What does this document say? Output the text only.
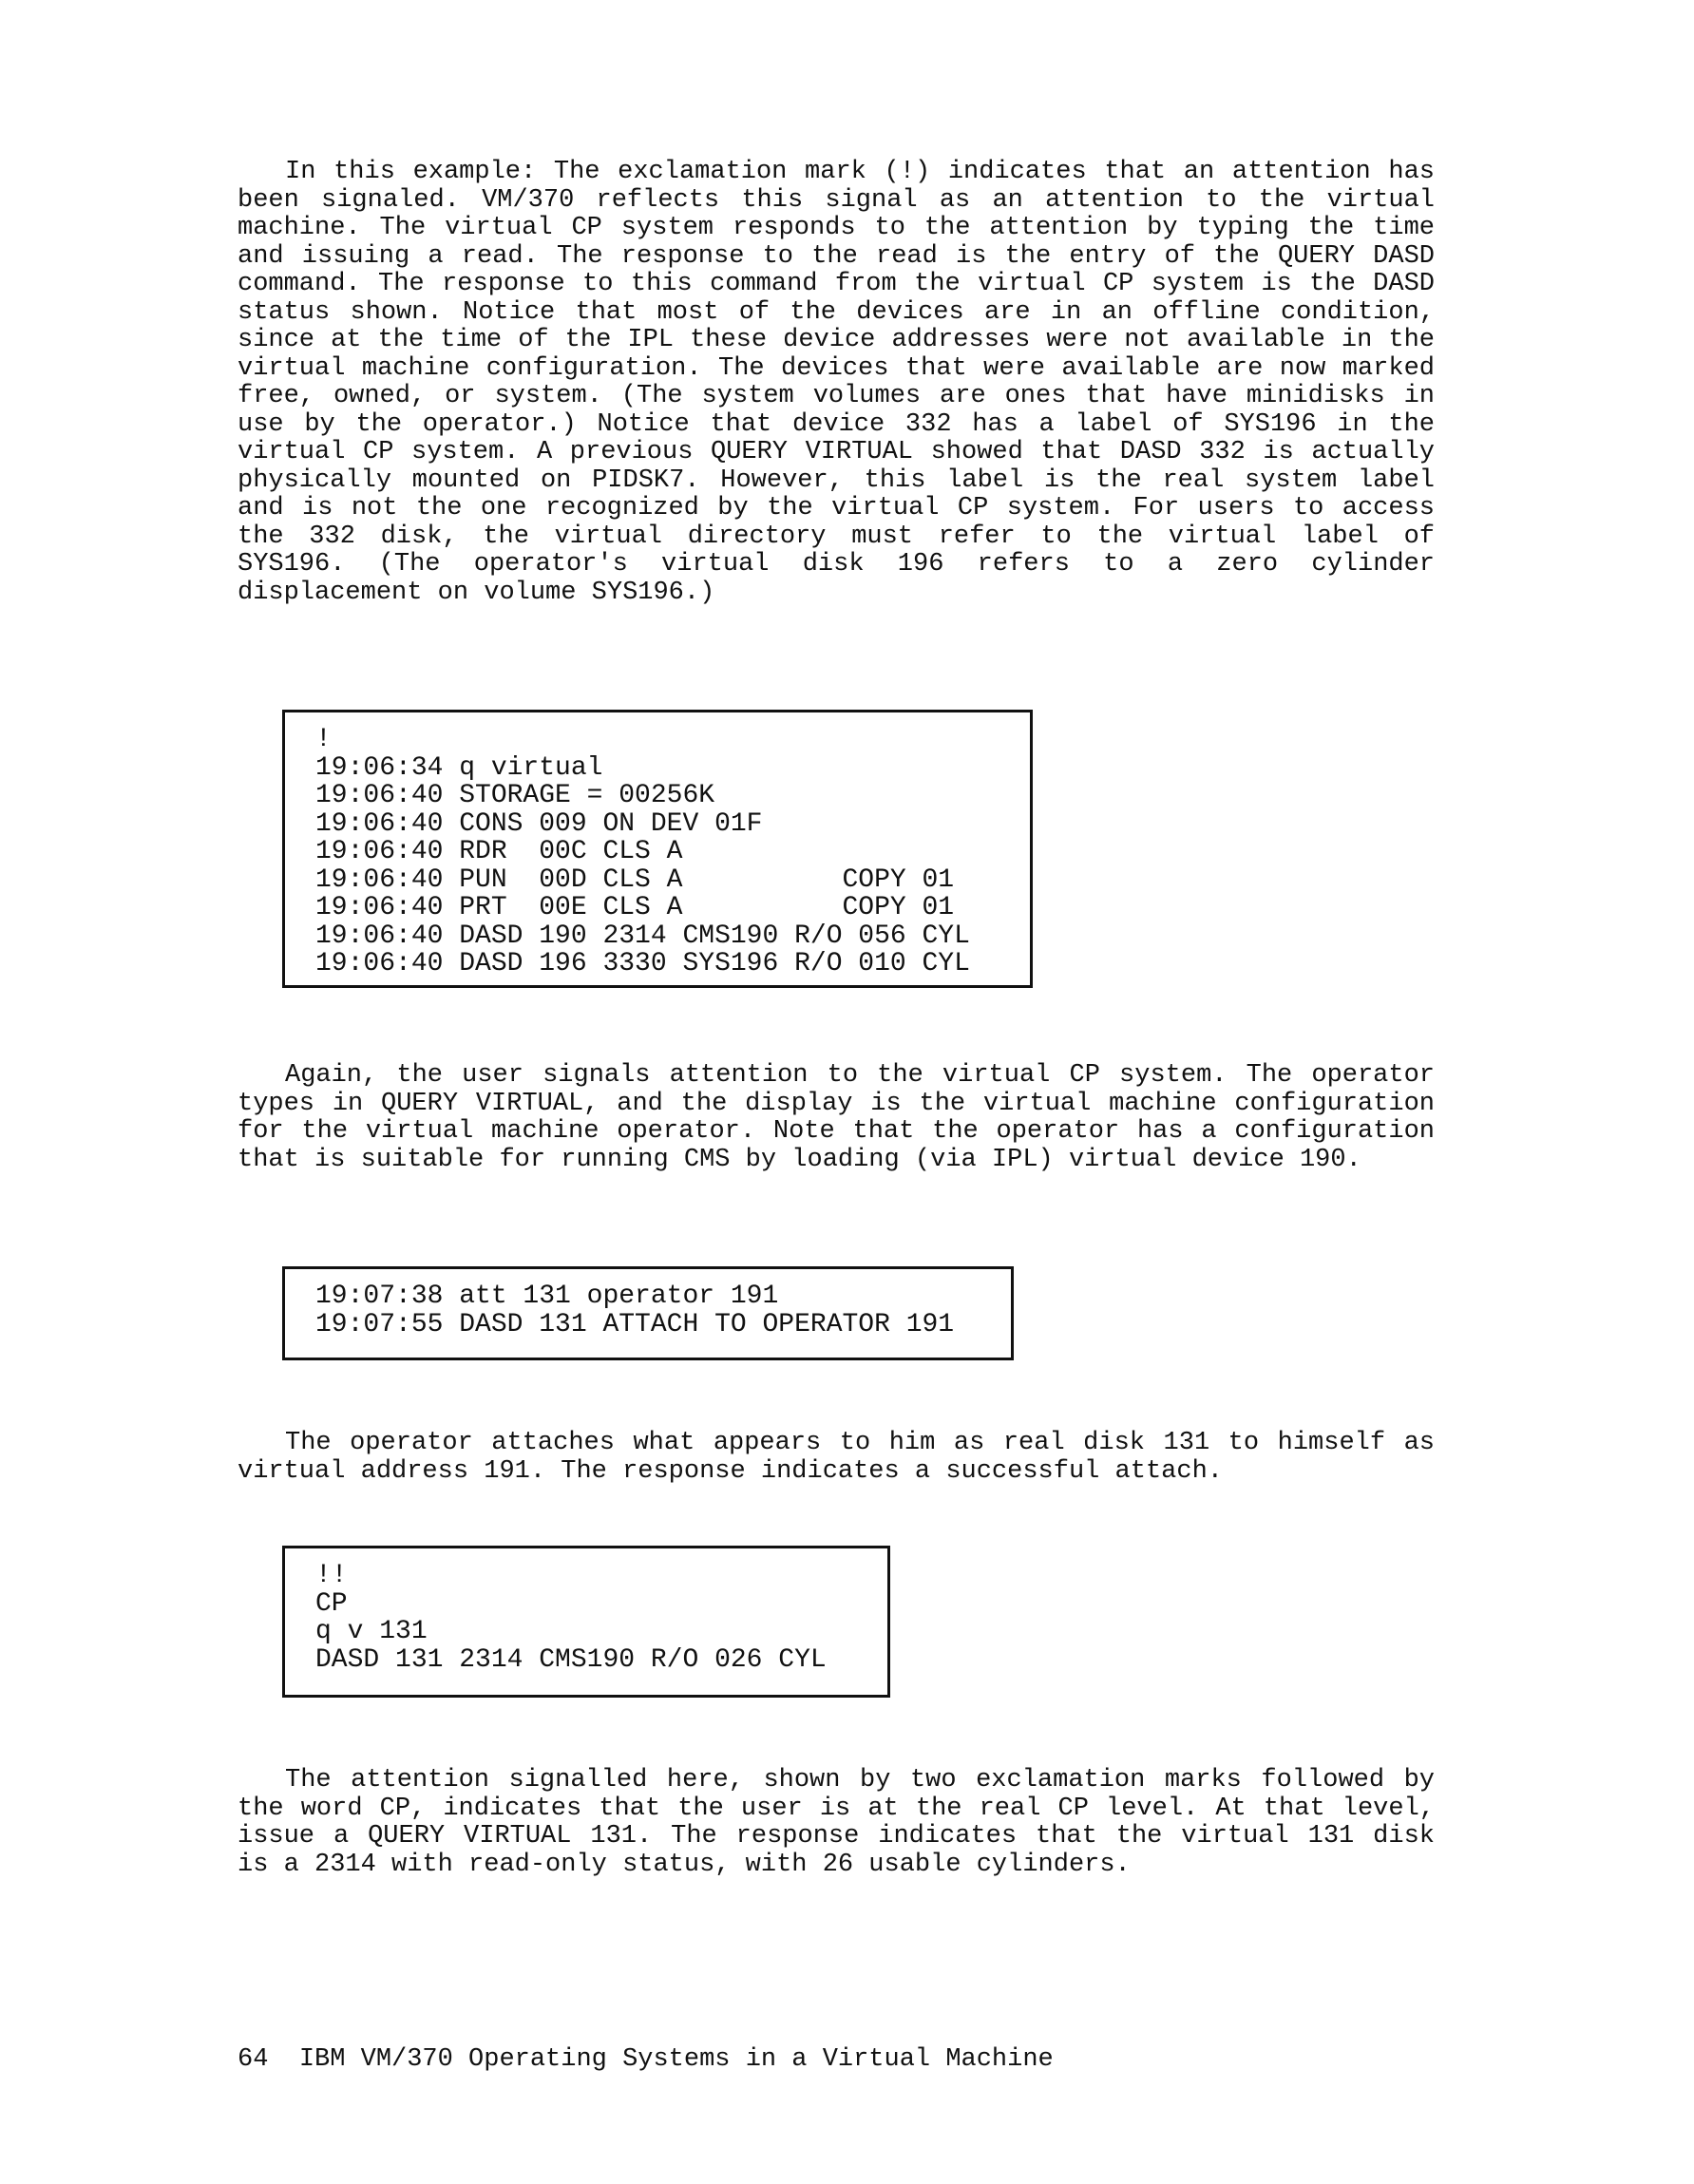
In this example: The exclamation mark (!) indicates that an attention has been signaled. VM/370 reflects this signal as an attention to the virtual machine. The virtual CP system responds to the attention by typing the time and issuing a read. The response to the read is the entry of the QUERY DASD command. The response to this command from the virtual CP system is the DASD status shown. Notice that most of the devices are in an offline condition, since at the time of the IPL these device addresses were not available in the virtual machine configuration. The devices that were available are now marked free, owned, or system. (The system volumes are ones that have minidisks in use by the operator.) Notice that device 332 has a label of SYS196 in the virtual CP system. A previous QUERY VIRTUAL showed that DASD 332 is actually physically mounted on PIDSK7. However, this label is the real system label and is not the one recognized by the virtual CP system. For users to access the 332 disk, the virtual directory must refer to the virtual label of SYS196. (The operator's virtual disk 196 refers to a zero cylinder displacement on volume SYS196.)

!
19:06:34 q virtual
19:06:40 STORAGE = 00256K
19:06:40 CONS 009 ON DEV 01F
19:06:40 RDR  00C CLS A
19:06:40 PUN  00D CLS A          COPY 01
19:06:40 PRT  00E CLS A          COPY 01
19:06:40 DASD 190 2314 CMS190 R/O 056 CYL
19:06:40 DASD 196 3330 SYS196 R/O 010 CYL

Again, the user signals attention to the virtual CP system. The operator types in QUERY VIRTUAL, and the display is the virtual machine configuration for the virtual machine operator. Note that the operator has a configuration that is suitable for running CMS by loading (via IPL) virtual device 190.

19:07:38 att 131 operator 191
19:07:55 DASD 131 ATTACH TO OPERATOR 191

The operator attaches what appears to him as real disk 131 to himself as virtual address 191. The response indicates a successful attach.

!!
CP
q v 131
DASD 131 2314 CMS190 R/O 026 CYL

The attention signalled here, shown by two exclamation marks followed by the word CP, indicates that the user is at the real CP level. At that level, issue a QUERY VIRTUAL 131. The response indicates that the virtual 131 disk is a 2314 with read-only status, with 26 usable cylinders.

64 IBM VM/370 Operating Systems in a Virtual Machine
